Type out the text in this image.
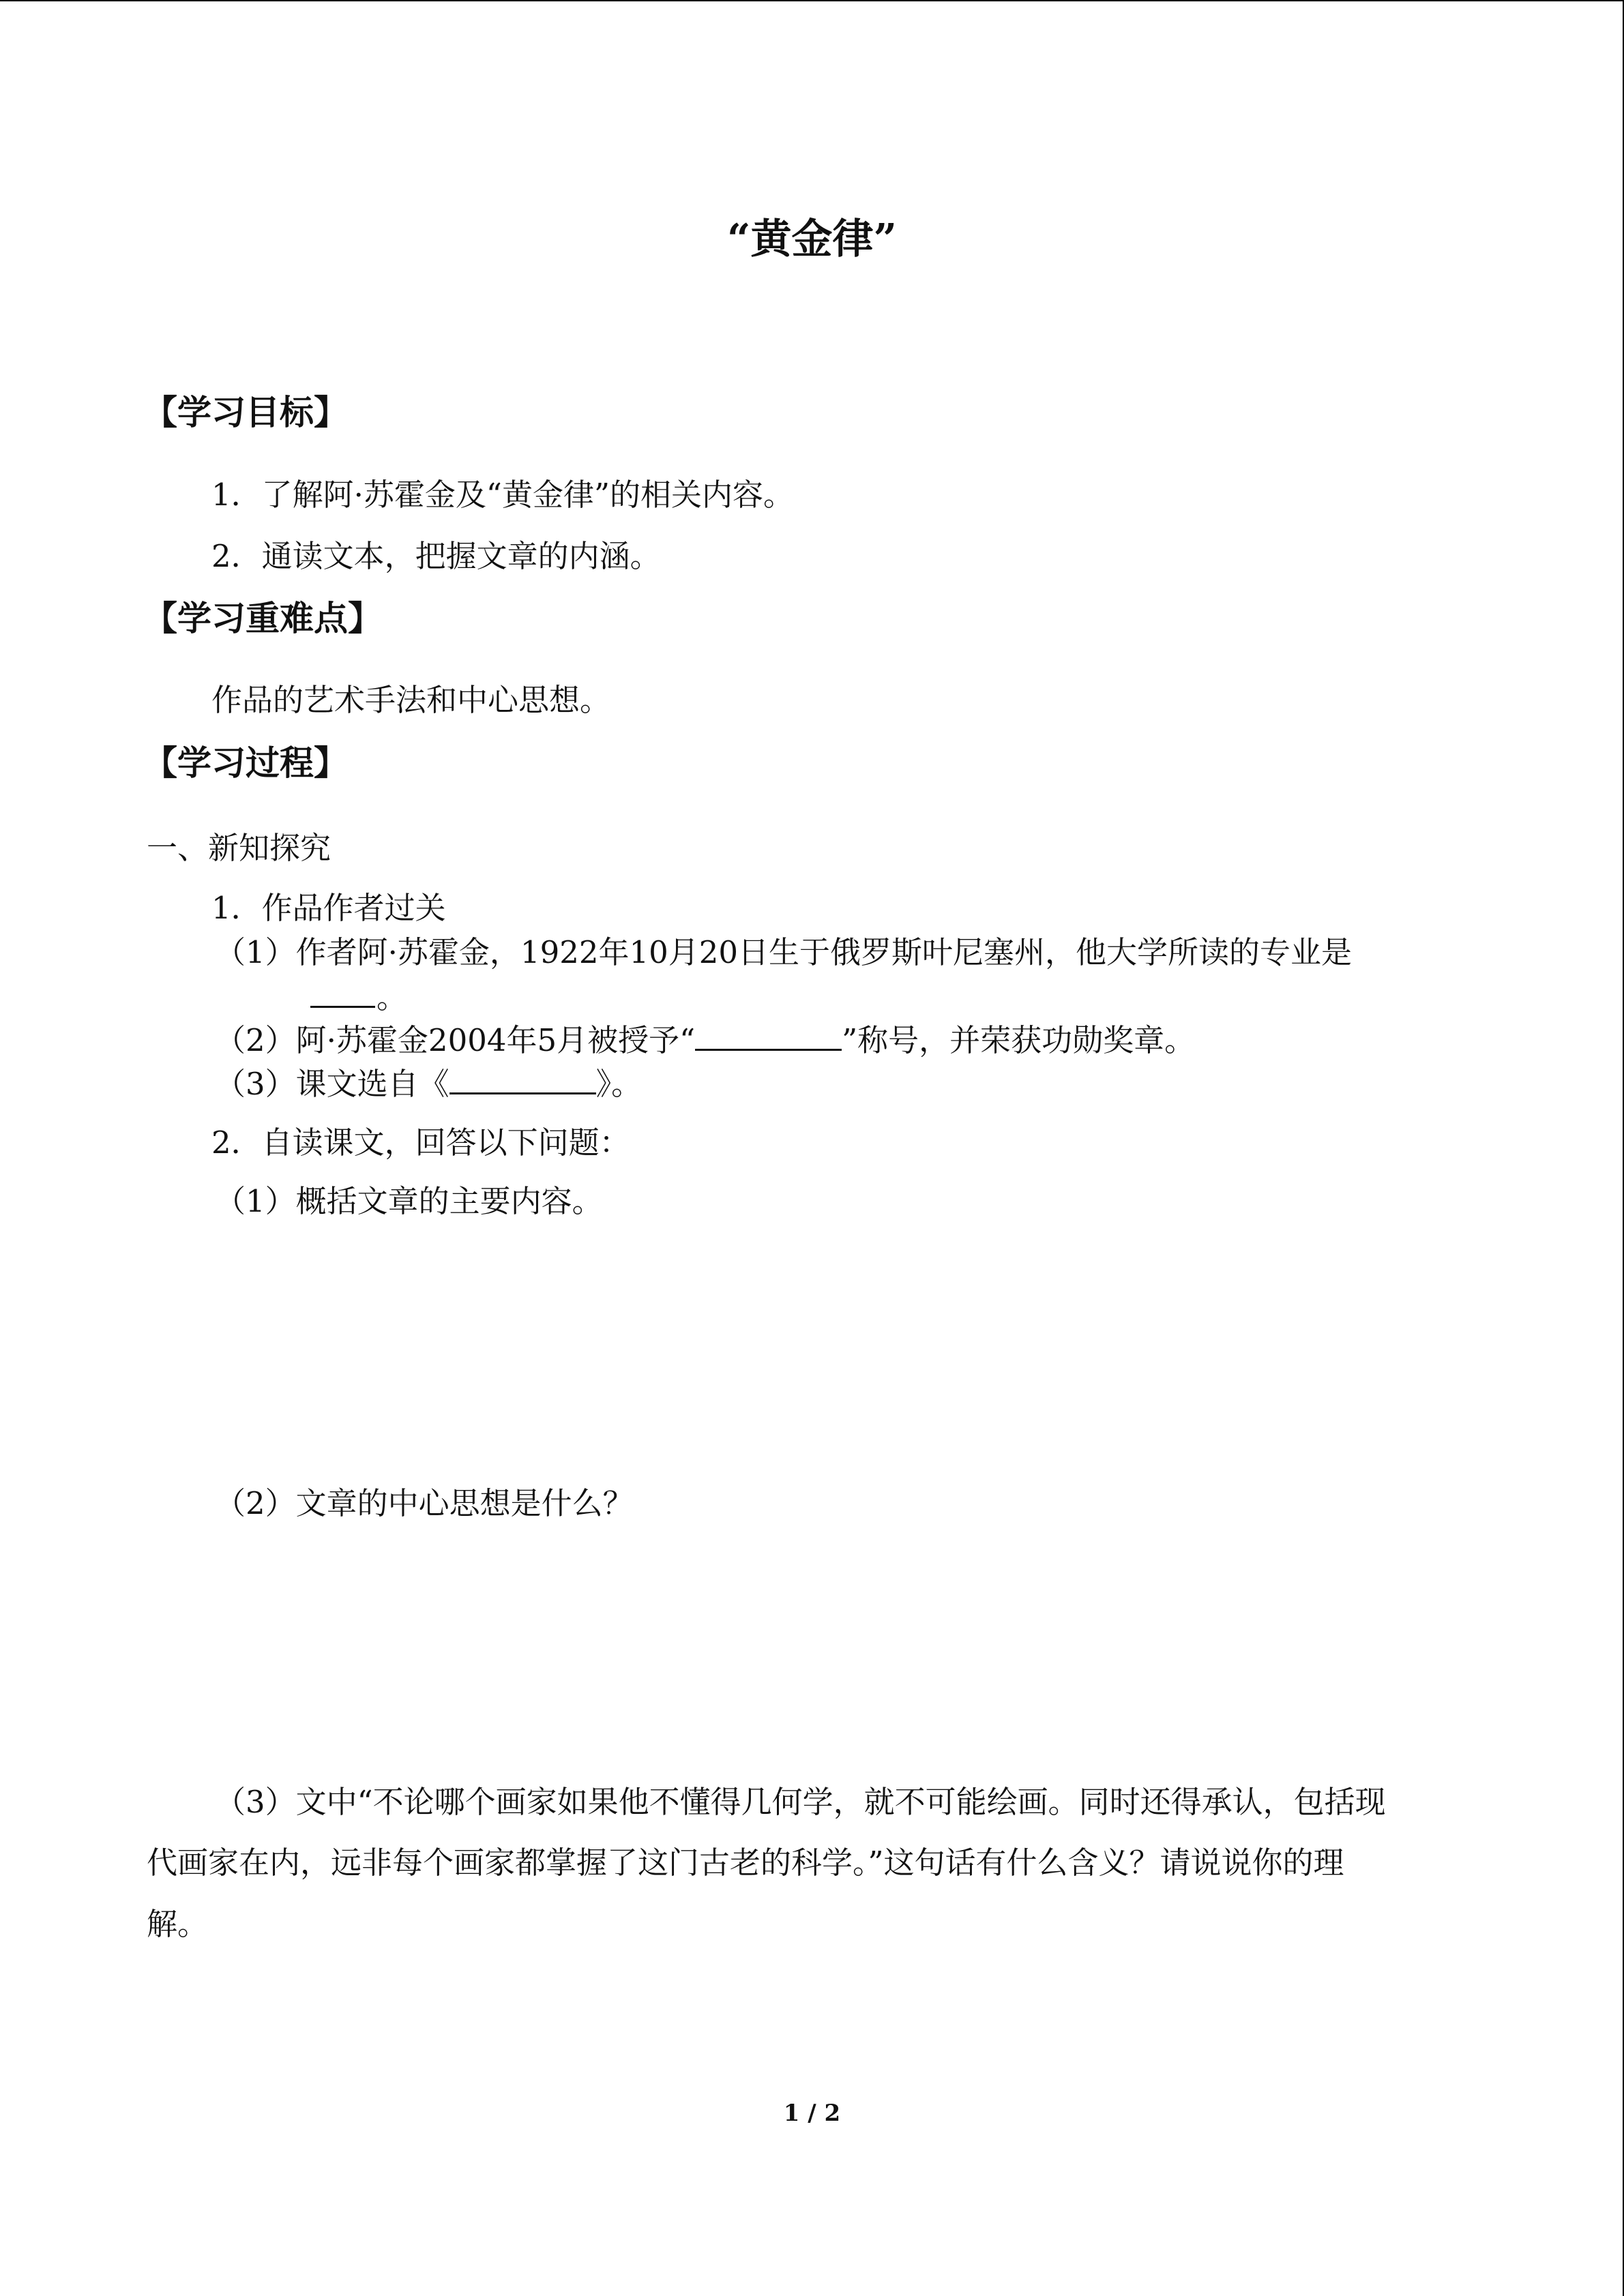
“黄金律”
【学习目标】
1．了解阿·苏霍金及“黄金律”的相关内容。
2．通读文本，把握文章的内涵。
【学习重难点】
作品的艺术手法和中心思想。
【学习过程】
一、新知探究
1．作品作者过关
（1）作者阿·苏霍金，1922年10月20日生于俄罗斯叶尼塞州，他大学所读的专业是
。
（2）阿·苏霍金2004年5月被授予“	”称号，并荣获功勋奖章。
（3）课文选自《	》。
2．自读课文，回答以下问题：
（1）概括文章的主要内容。
（2）文章的中心思想是什么？
（3）文中“不论哪个画家如果他不懂得几何学，就不可能绘画。同时还得承认，包括现
代画家在内，远非每个画家都掌握了这门古老的科学。”这句话有什么含义？请说说你的理
解。
1 / 2
